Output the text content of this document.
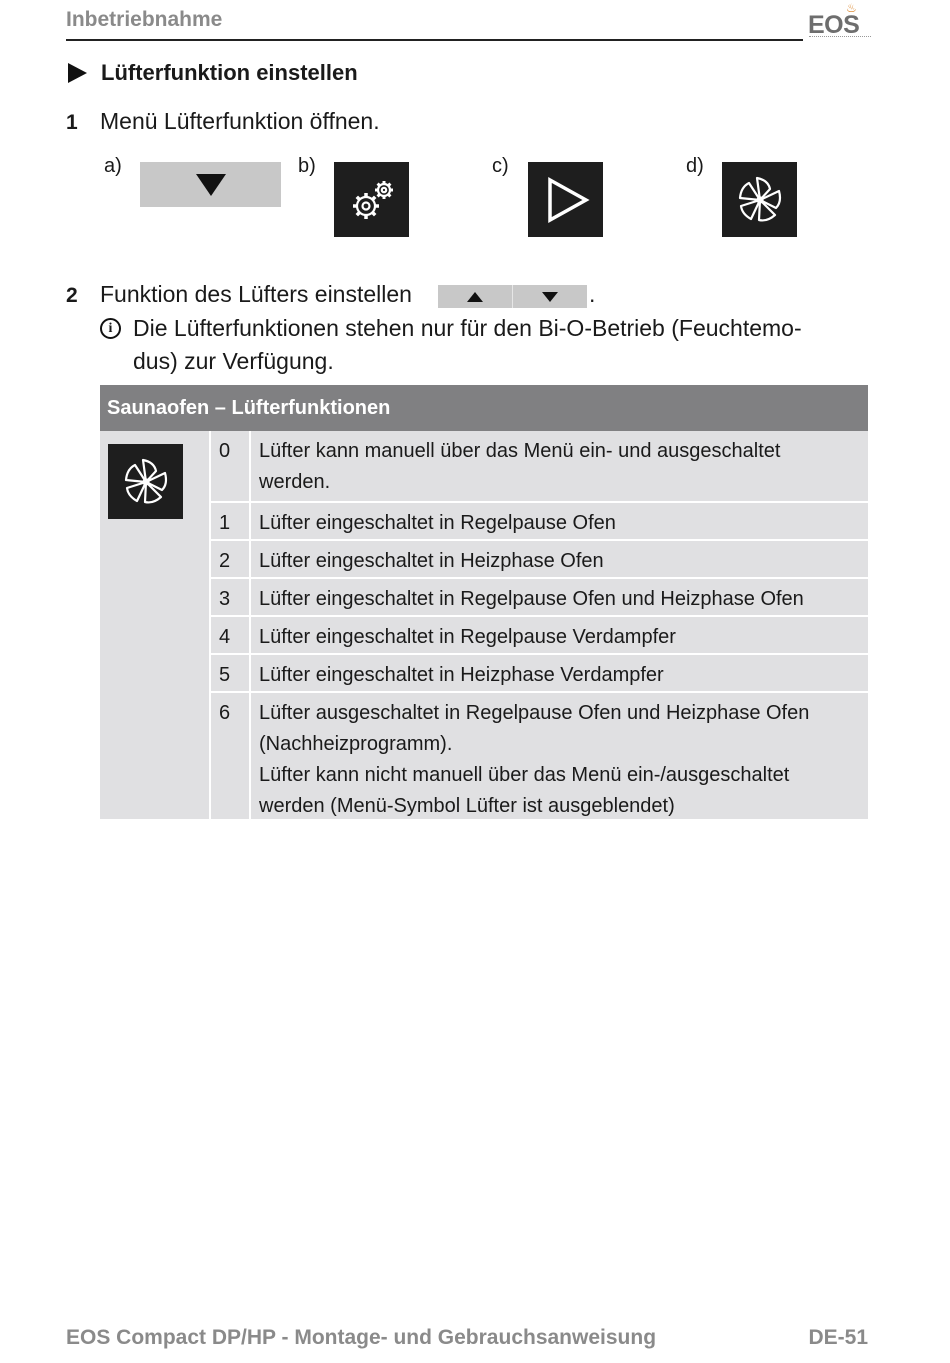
Inbetriebnahme	♨
EOS
Lüfterfunktion einstellen
1 Menü Lüfterfunktion öffnen.
a)	b)	c)	d)
2 Funktion des Lüfters einstellen	.
i Die Lüfterfunktionen stehen nur für den Bi-O-Betrieb (Feuchtemo-
dus) zur Verfügung.
Saunaofen – Lüfterfunktionen
0	Lüfter kann manuell über das Menü ein- und ausgeschaltet
werden.
1	Lüfter eingeschaltet in Regelpause Ofen
2	Lüfter eingeschaltet in Heizphase Ofen
3	Lüfter eingeschaltet in Regelpause Ofen und Heizphase Ofen
4	Lüfter eingeschaltet in Regelpause Verdampfer
5	Lüfter eingeschaltet in Heizphase Verdampfer
6	Lüfter ausgeschaltet in Regelpause Ofen und Heizphase Ofen
(Nachheizprogramm).
Lüfter kann nicht manuell über das Menü ein-/ausgeschaltet
werden (Menü-Symbol Lüfter ist ausgeblendet)
EOS Compact DP/HP - Montage- und Gebrauchsanweisung	DE-51
